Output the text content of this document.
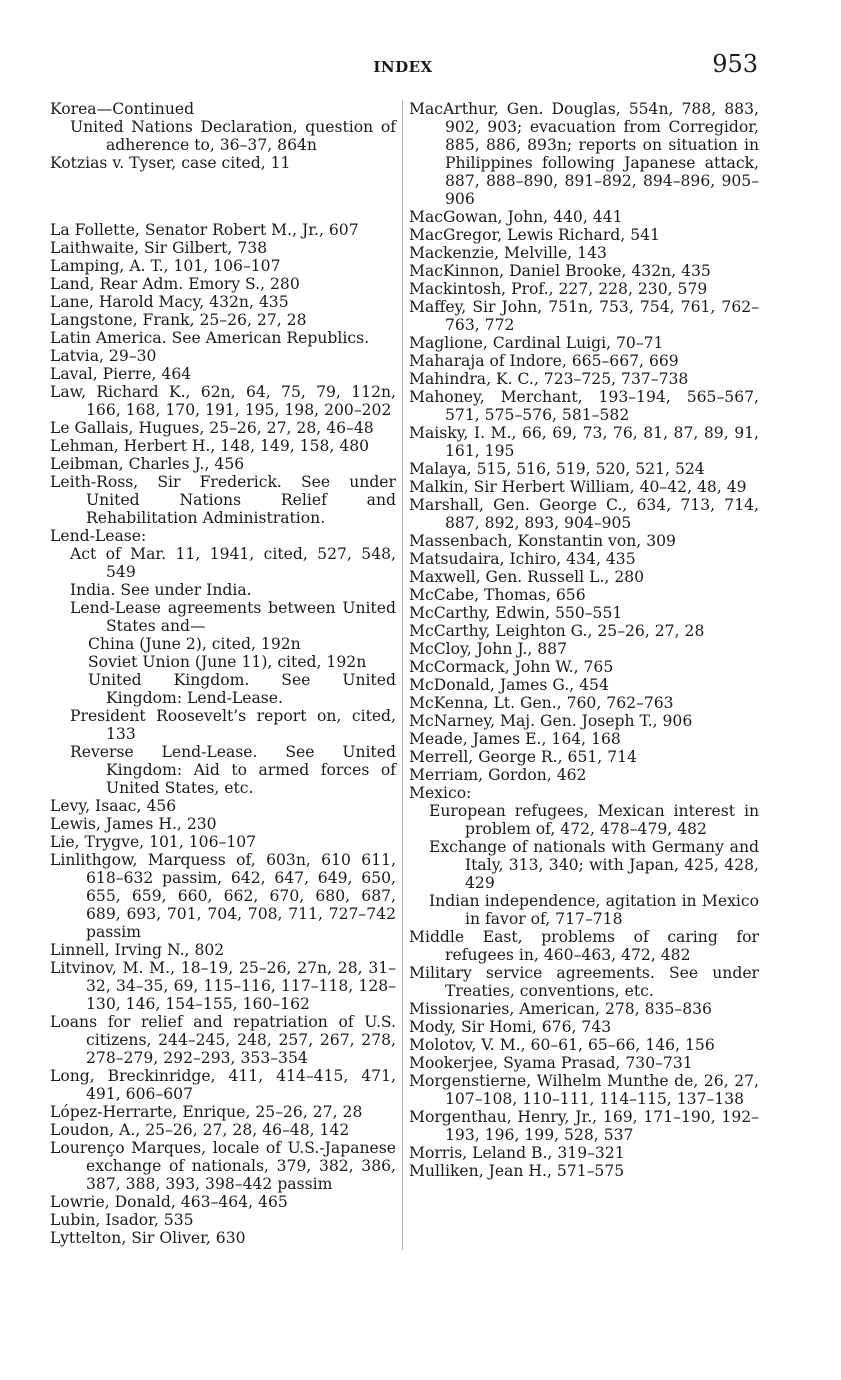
INDEX	953

Korea—Continued

United Nations Declaration, question of adherence to, 36–37, 864n

Kotzias v. Tyser, case cited, 11

La Follette, Senator Robert M., Jr., 607

Laithwaite, Sir Gilbert, 738

Lamping, A. T., 101, 106–107

Land, Rear Adm. Emory S., 280

Lane, Harold Macy, 432n, 435

Langstone, Frank, 25–26, 27, 28

Latin America. See American Republics.

Latvia, 29–30

Laval, Pierre, 464

Law, Richard K., 62n, 64, 75, 79, 112n, 166, 168, 170, 191, 195, 198, 200–202

Le Gallais, Hugues, 25–26, 27, 28, 46–48

Lehman, Herbert H., 148, 149, 158, 480

Leibman, Charles J., 456

Leith-Ross, Sir Frederick. See under United Nations Relief and Rehabilitation Administration.

Lend-Lease:

Act of Mar. 11, 1941, cited, 527, 548, 549

India. See under India.

Lend-Lease agreements between United States and—

China (June 2), cited, 192n

Soviet Union (June 11), cited, 192n

United Kingdom. See United Kingdom: Lend-Lease.

President Roosevelt’s report on, cited, 133

Reverse Lend-Lease. See United Kingdom: Aid to armed forces of United States, etc.

Levy, Isaac, 456

Lewis, James H., 230

Lie, Trygve, 101, 106–107

Linlithgow, Marquess of, 603n, 610 611, 618–632 passim, 642, 647, 649, 650, 655, 659, 660, 662, 670, 680, 687, 689, 693, 701, 704, 708, 711, 727–742 passim

Linnell, Irving N., 802

Litvinov, M. M., 18–19, 25–26, 27n, 28, 31–32, 34–35, 69, 115–116, 117–118, 128–130, 146, 154–155, 160–162

Loans for relief and repatriation of U.S. citizens, 244–245, 248, 257, 267, 278, 278–279, 292–293, 353–354

Long, Breckinridge, 411, 414–415, 471, 491, 606–607

López-Herrarte, Enrique, 25–26, 27, 28

Loudon, A., 25–26, 27, 28, 46–48, 142

Lourenço Marques, locale of U.S.-Japanese exchange of nationals, 379, 382, 386, 387, 388, 393, 398–442 passim

Lowrie, Donald, 463–464, 465

Lubin, Isador, 535

Lyttelton, Sir Oliver, 630

MacArthur, Gen. Douglas, 554n, 788, 883, 902, 903; evacuation from Corregidor, 885, 886, 893n; reports on situation in Philippines following Japanese attack, 887, 888–890, 891–892, 894–896, 905–906

MacGowan, John, 440, 441

MacGregor, Lewis Richard, 541

Mackenzie, Melville, 143

MacKinnon, Daniel Brooke, 432n, 435

Mackintosh, Prof., 227, 228, 230, 579

Maffey, Sir John, 751n, 753, 754, 761, 762–763, 772

Maglione, Cardinal Luigi, 70–71

Maharaja of Indore, 665–667, 669

Mahindra, K. C., 723–725, 737–738

Mahoney, Merchant, 193–194, 565–567, 571, 575–576, 581–582

Maisky, I. M., 66, 69, 73, 76, 81, 87, 89, 91, 161, 195

Malaya, 515, 516, 519, 520, 521, 524

Malkin, Sir Herbert William, 40–42, 48, 49

Marshall, Gen. George C., 634, 713, 714, 887, 892, 893, 904–905

Massenbach, Konstantin von, 309

Matsudaira, Ichiro, 434, 435

Maxwell, Gen. Russell L., 280

McCabe, Thomas, 656

McCarthy, Edwin, 550–551

McCarthy, Leighton G., 25–26, 27, 28

McCloy, John J., 887

McCormack, John W., 765

McDonald, James G., 454

McKenna, Lt. Gen., 760, 762–763

McNarney, Maj. Gen. Joseph T., 906

Meade, James E., 164, 168

Merrell, George R., 651, 714

Merriam, Gordon, 462

Mexico:

European refugees, Mexican interest in problem of, 472, 478–479, 482

Exchange of nationals with Germany and Italy, 313, 340; with Japan, 425, 428, 429

Indian independence, agitation in Mexico in favor of, 717–718

Middle East, problems of caring for refugees in, 460–463, 472, 482

Military service agreements. See under Treaties, conventions, etc.

Missionaries, American, 278, 835–836

Mody, Sir Homi, 676, 743

Molotov, V. M., 60–61, 65–66, 146, 156

Mookerjee, Syama Prasad, 730–731

Morgenstierne, Wilhelm Munthe de, 26, 27, 107–108, 110–111, 114–115, 137–138

Morgenthau, Henry, Jr., 169, 171–190, 192–193, 196, 199, 528, 537

Morris, Leland B., 319–321

Mulliken, Jean H., 571–575
